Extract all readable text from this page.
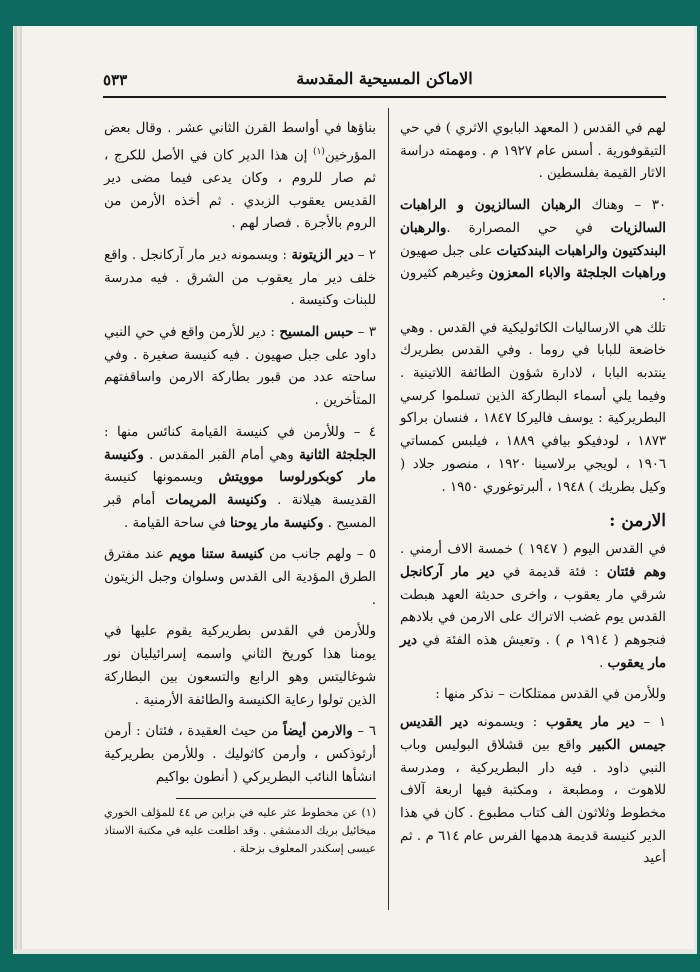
الاماكن المسيحية المقدسة
٥٣٣

لهم في القدس ( المعهد البابوي الاثري ) في حي التيقوفورية . أسس عام ١٩٢٧ م . ومهمته دراسة الاثار القيمة بفلسطين .

٣٠ – وهناك الرهبان السالزيون و الراهبات السالزيات في حي المصرارة .والرهبان البندكتيون والراهبات البندكتيات على جبل صهيون وراهبات الجلجثة والاباء المعزون وغيرهم كثيرون .

تلك هي الارساليات الكاثوليكية في القدس . وهي خاضعة للبابا في روما . وفي القدس بطريرك ينتدبه البابا ، لادارة شؤون الطائفة اللاتينية . وفيما يلي أسماء البطاركة الذين تسلموا كرسي البطريركية : يوسف فاليركا ١٨٤٧ ، فنسان براكو ١٨٧٣ ، لودفيكو بيافي ١٨٨٩ ، فيلبس كمساتي ١٩٠٦ ، لويجي برلاسينا ١٩٢٠ ، منصور جلاد ( وكيل بطريك ) ١٩٤٨ ، ألبرتوغوري ١٩٥٠ .

الارمن :

في القدس اليوم ( ١٩٤٧ ) خمسة الاف أرمني . وهم فئتان : فئة قديمة في دير مار آركانجل شرقي مار يعقوب ، واخرى حديثة العهد هبطت القدس يوم غضب الاتراك على الارمن في بلادهم فنجوهم ( ١٩١٤ م ) . وتعيش هذه الفئة في دير مار يعقوب .

وللأرمن في القدس ممتلكات – نذكر منها :

١ – دير مار يعقوب : ويسمونه دير القديس جيمس الكبير واقع بين قشلاق البوليس وباب النبي داود . فيه دار البطريركية ، ومدرسة للاهوت ، ومطبعة ، ومكتبة فيها اربعة آلاف مخطوط وثلاثون الف كتاب مطبوع . كان في هذا الدير كنيسة قديمة هدمها الفرس عام ٦١٤ م . ثم أعيد

بناؤها في أواسط القرن الثاني عشر . وقال بعض المؤرخين$^{(١)}$ إن هذا الدير كان في الأصل للكرج ، ثم صار للروم ، وكان يدعى فيما مضى دير القديس يعقوب الزبدي . ثم أخذه الأرمن من الروم بالأجرة . فصار لهم .

٢ – دير الزيتونة : ويسمونه دير مار آركانجل . واقع خلف دير مار يعقوب من الشرق . فيه مدرسة للبنات وكنيسة .

٣ – حبس المسيح : دير للأرمن واقع في حي النبي داود على جبل صهيون . فيه كنيسة صغيرة . وفي ساحته عدد من قبور بطاركة الارمن واساقفتهم المتأخرين .

٤ – وللأرمن في كنيسة القيامة كنائس منها : الجلجثة الثانية وهي أمام القبر المقدس . وكنيسة مار كوبكورلوسا موويتش ويسمونها كنيسة القديسة هيلانة . وكنيسة المريمات أمام قبر المسيح . وكنيسة مار يوحنا في ساحة القيامة .

٥ – ولهم جانب من كنيسة ستنا مويم عند مفترق الطرق المؤدية الى القدس وسلوان وجبل الزيتون .

وللأرمن في القدس بطريركية يقوم عليها في يومنا هذا كوريخ الثاني واسمه إسرائيليان نور شوغاليتس وهو الرابع والتسعون بين البطاركة الذين تولوا رعاية الكنيسة والطائفة الأرمنية .

٦ – والارمن أيضاً من حيث العقيدة ، فئتان : أرمن أرثوذكس ، وأرمن كاثوليك . وللأرمن بطريركية انشأها النائب البطريركي ( أنطون بواكيم

(١) عن مخطوط عثر عليه في براين ص ٤٤ للمؤلف الخوري ميخائيل بريك الدمشقي . وقد اطلعت عليه في مكتبة الاستاذ عيسى إسكندر المعلوف بزحلة .
